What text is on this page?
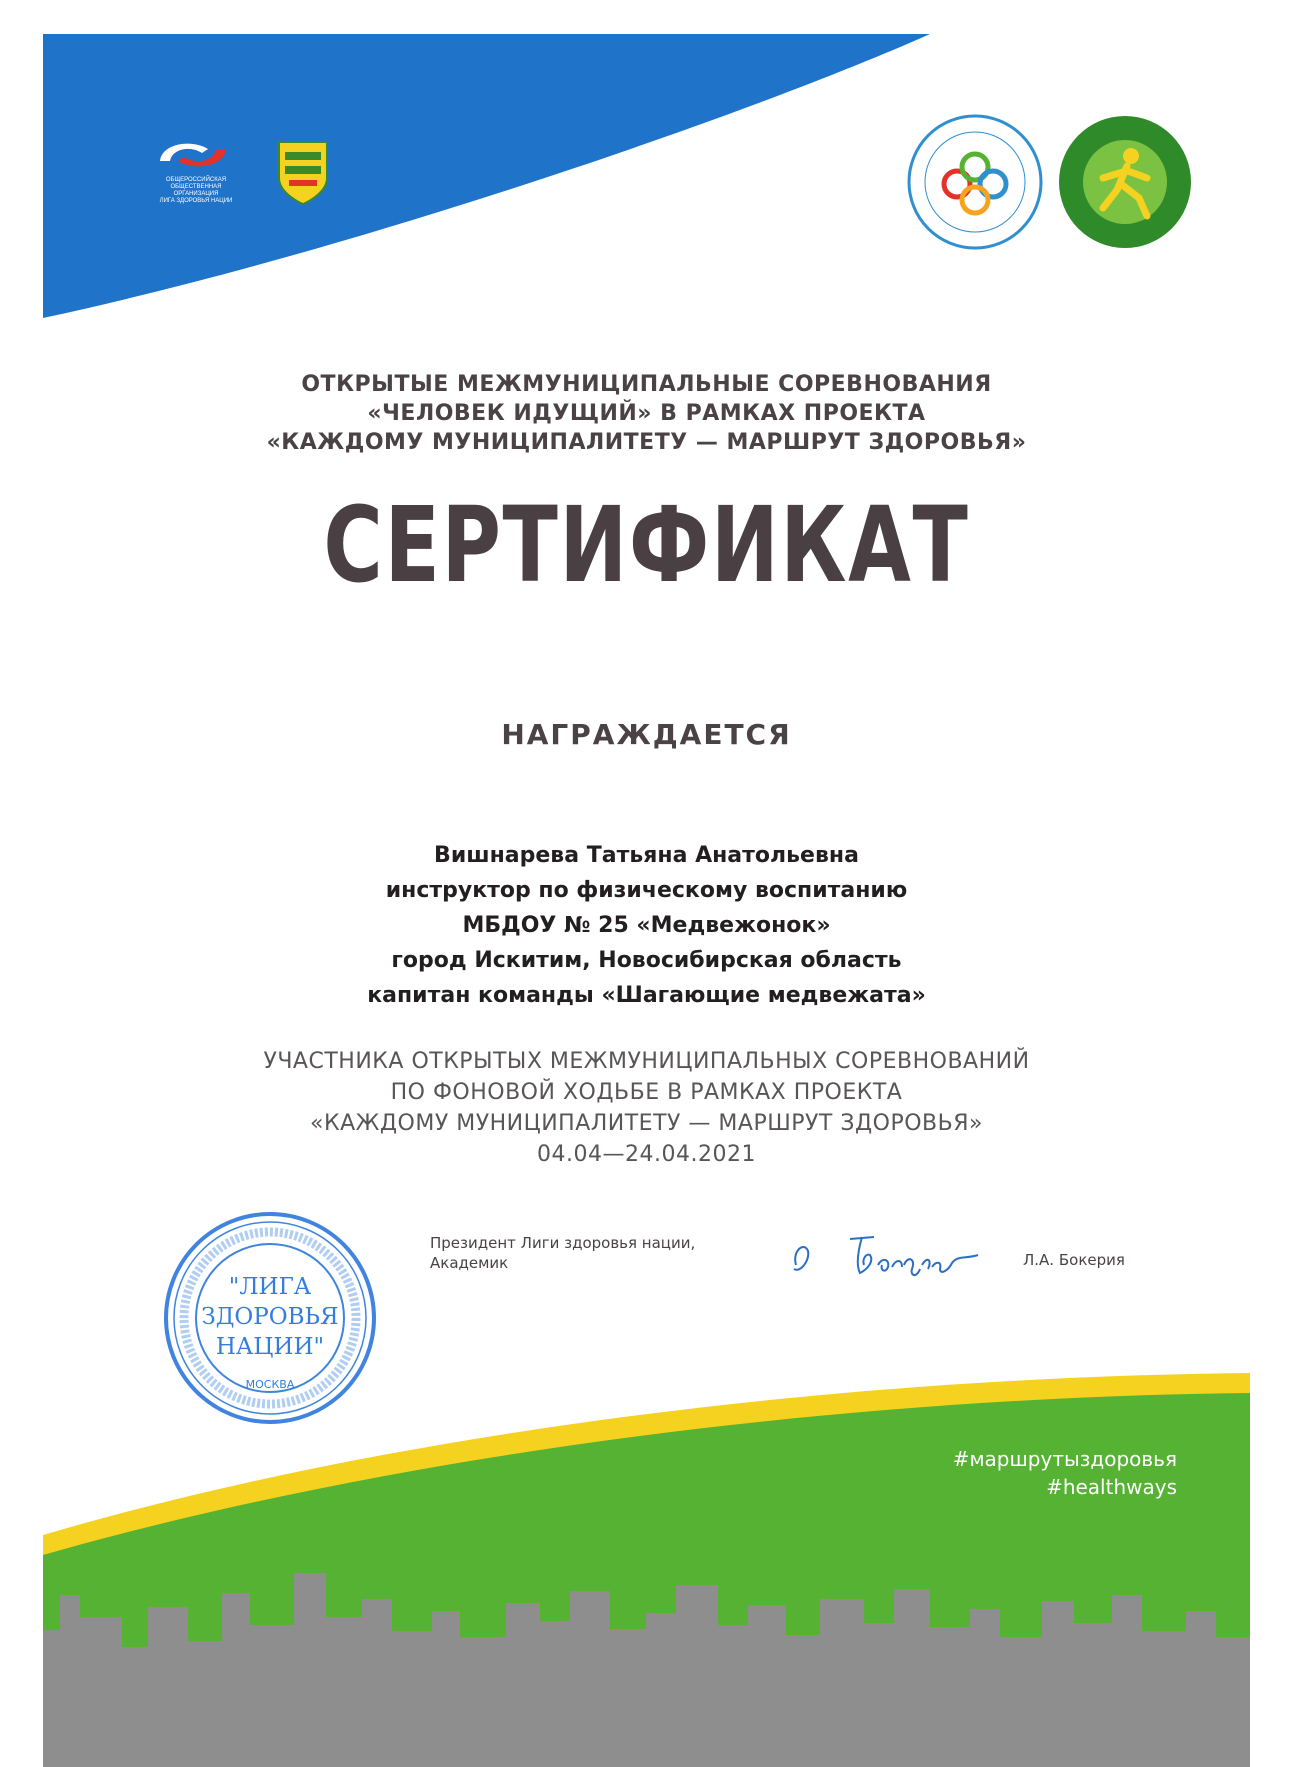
ОБЩЕРОССИЙСКАЯ ОБЩЕСТВЕННАЯ
ОРГАНИЗАЦИЯ
ЛИГА ЗДОРОВЬЯ НАЦИИ
ОТКРЫТЫЕ МЕЖМУНИЦИПАЛЬНЫЕ СОРЕВНОВАНИЯ
«ЧЕЛОВЕК ИДУЩИЙ» В РАМКАХ ПРОЕКТА
«КАЖДОМУ МУНИЦИПАЛИТЕТУ — МАРШРУТ ЗДОРОВЬЯ»
СЕРТИФИКАТ
НАГРАЖДАЕТСЯ
Вишнарева Татьяна Анатольевна
инструктор по физическому воспитанию
МБДОУ № 25 «Медвежонок»
город Искитим, Новосибирская область
капитан команды «Шагающие медвежата»
УЧАСТНИКА ОТКРЫТЫХ МЕЖМУНИЦИПАЛЬНЫХ СОРЕВНОВАНИЙ
ПО ФОНОВОЙ ХОДЬБЕ В РАМКАХ ПРОЕКТА
«КАЖДОМУ МУНИЦИПАЛИТЕТУ — МАРШРУТ ЗДОРОВЬЯ»
04.04—24.04.2021
Президент Лиги здоровья нации,
Академик	Л.А. Бокерия
"ЛИГА
ЗДОРОВЬЯ
НАЦИИ"
МОСКВА
#маршрутыздоровья
#healthways
